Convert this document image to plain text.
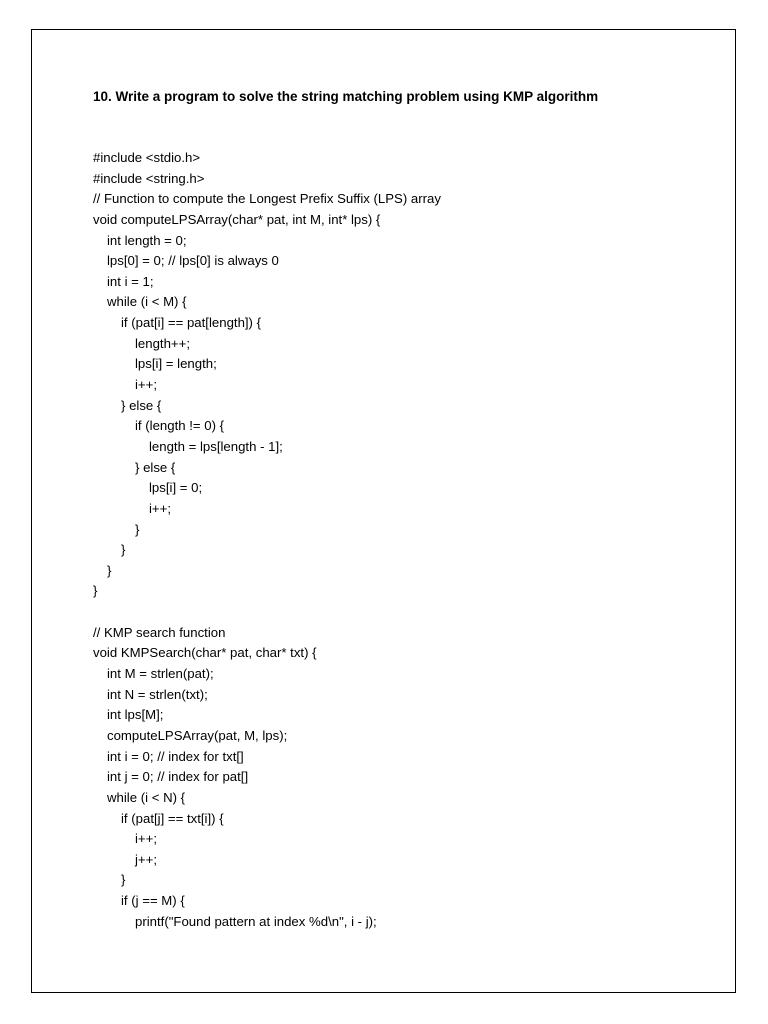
10. Write a program to solve the string matching problem using KMP algorithm
#include <stdio.h>
#include <string.h>
// Function to compute the Longest Prefix Suffix (LPS) array
void computeLPSArray(char* pat, int M, int* lps) {
int length = 0;
lps[0] = 0; // lps[0] is always 0
int i = 1;
while (i < M) {
if (pat[i] == pat[length]) {
length++;
lps[i] = length;
i++;
} else {
if (length != 0) {
length = lps[length - 1];
} else {
lps[i] = 0;
i++;
}
}
}
}
// KMP search function
void KMPSearch(char* pat, char* txt) {
int M = strlen(pat);
int N = strlen(txt);
int lps[M];
computeLPSArray(pat, M, lps);
int i = 0; // index for txt[]
int j = 0; // index for pat[]
while (i < N) {
if (pat[j] == txt[i]) {
i++;
j++;
}
if (j == M) {
printf("Found pattern at index %d\n", i - j);
